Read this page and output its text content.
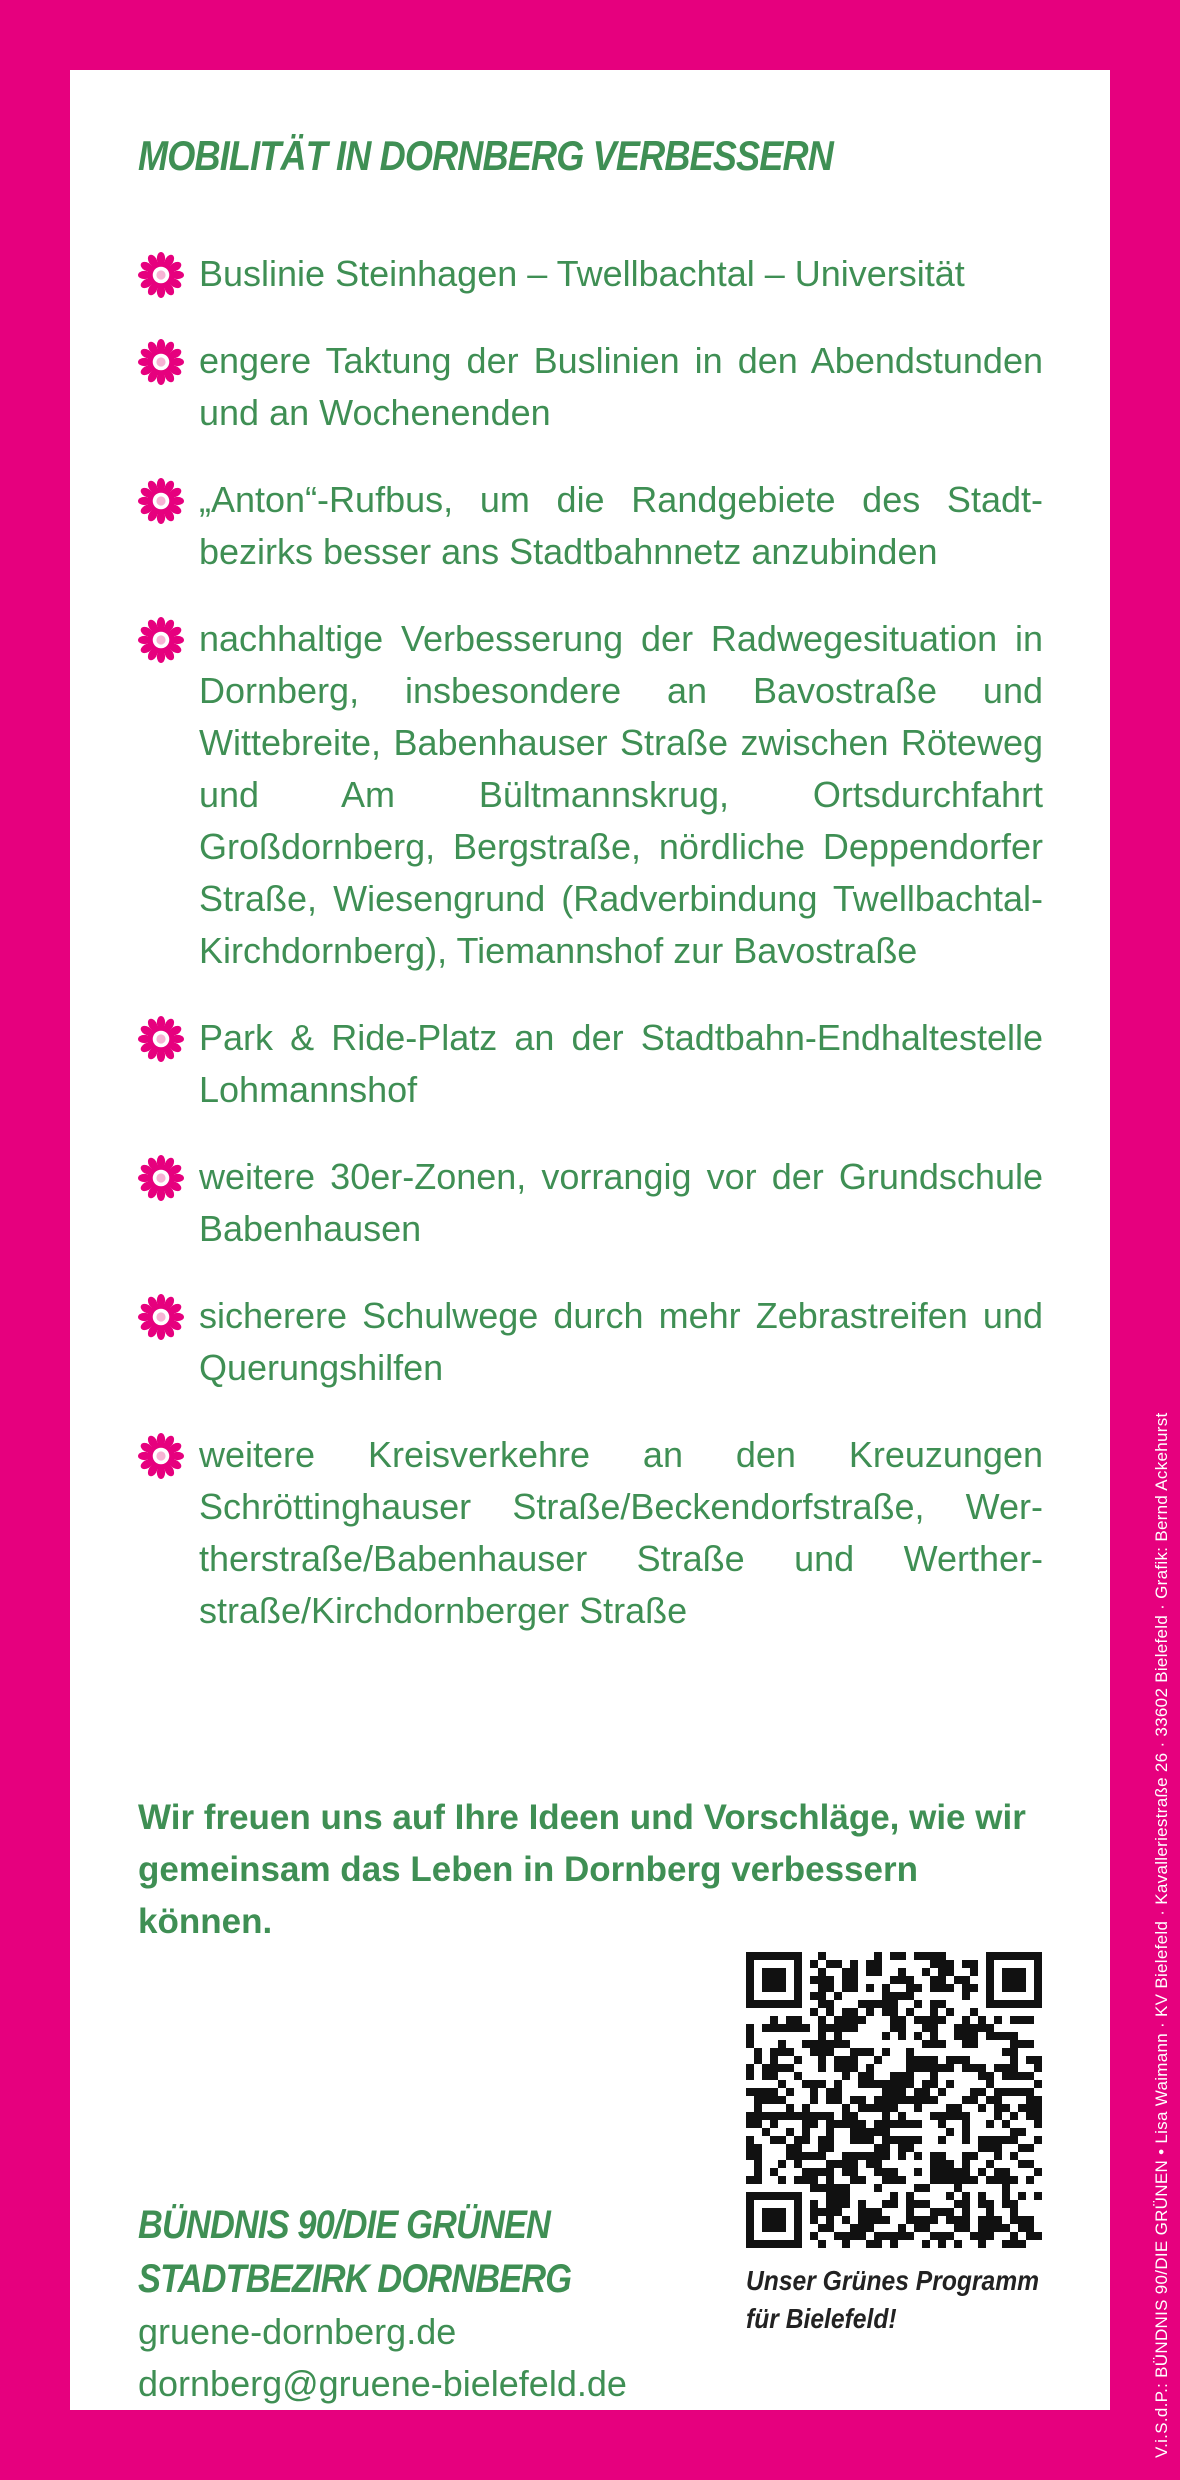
MOBILITÄT IN DORNBERG VERBESSERN
Buslinie Steinhagen – Twellbachtal – Universität
engere Taktung der Buslinien in den Abendstunden und an Wochenenden
„Anton“-Rufbus, um die Randgebiete des Stadtbezirks besser ans Stadtbahnnetz anzubinden
nachhaltige Verbesserung der Radwegesituation in Dornberg, insbesondere an Bavostraße und Wittebreite, Babenhauser Straße zwischen Röteweg und Am Bültmannskrug, Ortsdurchfahrt Großdornberg, Bergstraße, nördliche Deppendorfer Straße, Wiesengrund (Radverbindung Twellbachtal-Kirchdornberg), Tiemannshof zur Bavostraße
Park & Ride-Platz an der Stadtbahn-Endhaltestelle Lohmannshof
weitere 30er-Zonen, vorrangig vor der Grundschule Babenhausen
sicherere Schulwege durch mehr Zebrastreifen und Querungshilfen
weitere Kreisverkehre an den Kreuzungen Schröttinghauser Straße/Beckendorfstraße, Wertherstraße/Babenhauser Straße und Wertherstraße/Kirchdornberger Straße

Wir freuen uns auf Ihre Ideen und Vorschläge, wie wir gemeinsam das Leben in Dornberg verbessern können.

BÜNDNIS 90/DIE GRÜNEN
STADTBEZIRK DORNBERG
gruene-dornberg.de
dornberg@gruene-bielefeld.de
Unser Grünes Programm
für Bielefeld!	V.i.S.d.P.: BÜNDNIS 90/DIE GRÜNEN • Lisa Waimann · KV Bielefeld · Kavalleriestraße 26 · 33602 Bielefeld · Grafik: Bernd Ackehurst
